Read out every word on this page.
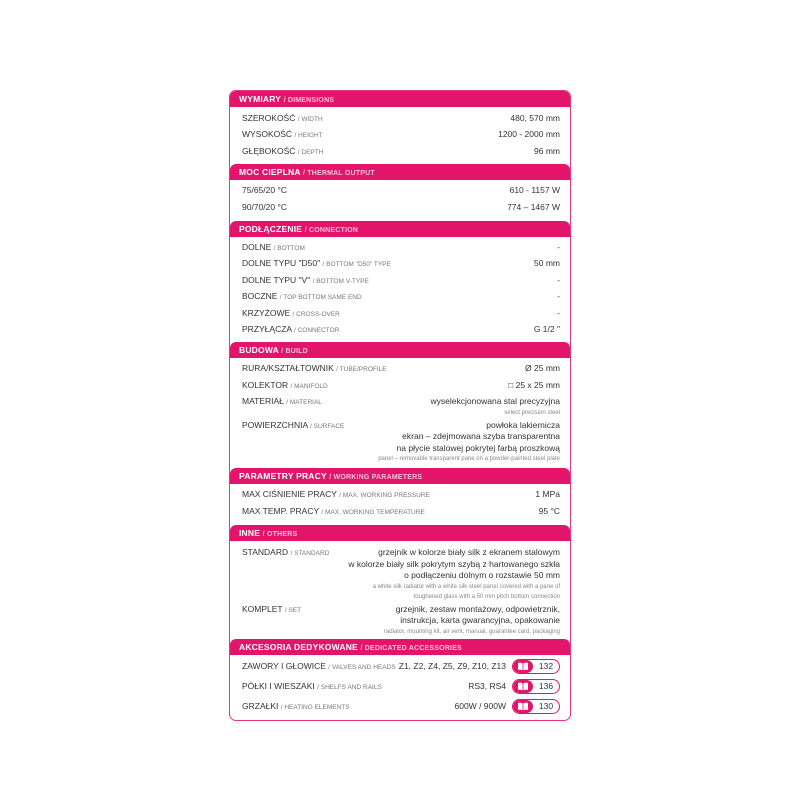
WYMIARY / DIMENSIONS
SZEROKOŚĆ / WIDTH	480, 570 mm
WYSOKOŚĆ / HEIGHT	1200 - 2000 mm
GŁĘBOKOŚĆ / DEPTH	96 mm
MOC CIEPLNA / THERMAL OUTPUT
75/65/20 °C	610 - 1157 W
90/70/20 °C	774 – 1467 W
PODŁĄCZENIE / CONNECTION
DOLNE / BOTTOM	-
DOLNE TYPU "D50" / BOTTOM "D50" TYPE	50 mm
DOLNE TYPU "V" / BOTTOM V-TYPE	-
BOCZNE / TOP BOTTOM SAME END	-
KRZYŻOWE / CROSS-OVER	-
PRZYŁĄCZA / CONNECTOR	G 1/2 "
BUDOWA / BUILD
RURA/KSZTAŁTOWNIK / TUBE/PROFILE	Ø 25 mm
KOLEKTOR / MANIFOLD	□ 25 x 25 mm
MATERIAŁ / MATERIAL	wyselekcjonowana stal precyzyjna
select precision steel
POWIERZCHNIA / SURFACE	powłoka lakiernicza
ekran – zdejmowana szyba transparentna
na płycie stalowej pokrytej farbą proszkową
panel – removable transparent pane on a powder-painted steel plate
PARAMETRY PRACY / WORKING PARAMETERS
MAX CIŚNIENIE PRACY / MAX. WORKING PRESSURE	1 MPa
MAX TEMP. PRACY / MAX. WORKING TEMPERATURE	95 °C
INNE / OTHERS
STANDARD / STANDARD	grzejnik w kolorze biały silk z ekranem stalowym
w kolorze biały silk pokrytym szybą z hartowanego szkła
o podłączeniu dolnym o rozstawie 50 mm
a white silk radiator with a white silk steel panel covered with a pane of
toughened glass with a 50 mm pitch bottom connection
KOMPLET / SET	grzejnik, zestaw montażowy, odpowietrznik,
instrukcja, karta gwarancyjna, opakowanie
radiator, mounting kit, air vent, manual, guarantee card, packaging
AKCESORIA DEDYKOWANE / DEDICATED ACCESSORIES
ZAWORY I GŁOWICE / VALVES AND HEADS Z1, Z2, Z4, Z5, Z9, Z10, Z13	132
PÓŁKI I WIESZAKI / SHELFS AND RAILS	RS3, RS4	136
GRZAŁKI / HEATING ELEMENTS	600W / 900W	130
